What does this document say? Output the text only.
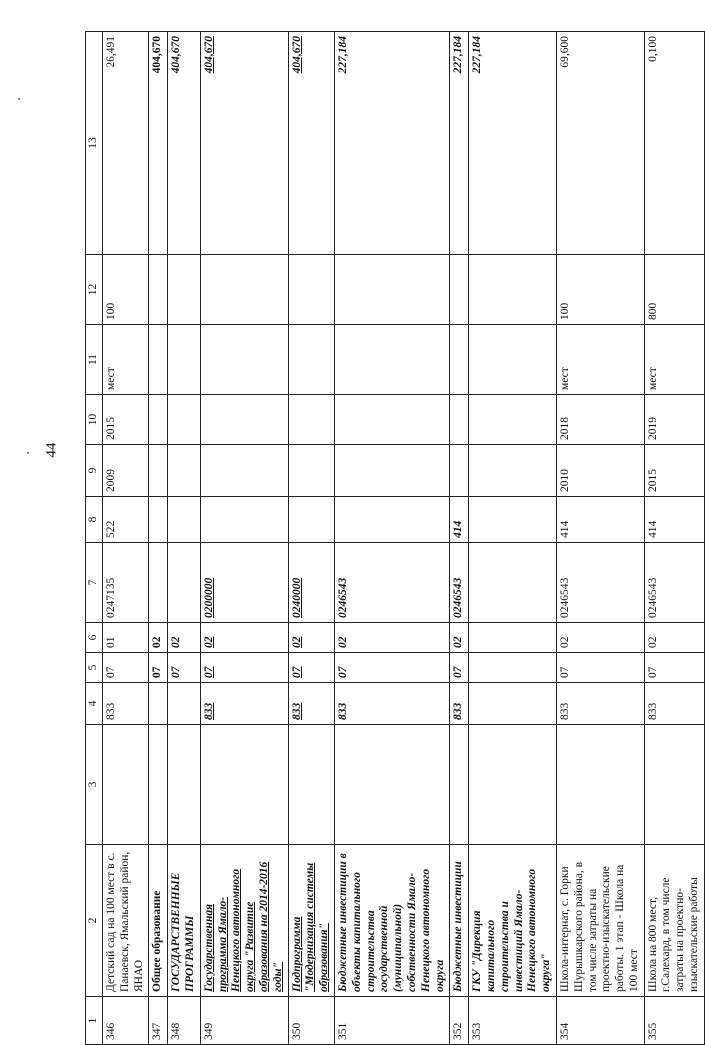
44
1	2	3	4	5	6	7	8	9	10	11	12	13
346	Детский сад на 100 мест в с. Панаевск, Ямальский район, ЯНАО		833	07	01	0247135	522	2009	2015	мест	100	26,491
347	Общее образование			07	02							404,670
348	ГОСУДАРСТВЕННЫЕ ПРОГРАММЫ			07	02							404,670
349	Государственная программа Ямало-Ненецкого автономного округа "Развитие образования на 2014-2016 годы"		833	07	02	0200000						404,670
350	Подпрограмма "Модернизация системы образования"		833	07	02	0240000						404,670
351	Бюджетные инвестиции в объекты капитального строительства государственной (муниципальной) собственности Ямало-Ненецкого автономного округа		833	07	02	0246543						227,184
352	Бюджетные инвестиции		833	07	02	0246543	414					227,184
353	ГКУ "Дирекция капитального строительства и инвестиций Ямало-Ненецкого автономного округа"											227,184
354	Школа-интернат, с. Горки Шурышкарского района, в том числе затраты на проектно-изыскательские работы. 1 этап - Школа на 100 мест		833	07	02	0246543	414	2010	2018	мест	100	69,600
355	Школа на 800 мест, г.Салехард, в том числе затраты на проектно-изыскательские работы		833	07	02	0246543	414	2015	2019	мест	800	0,100
